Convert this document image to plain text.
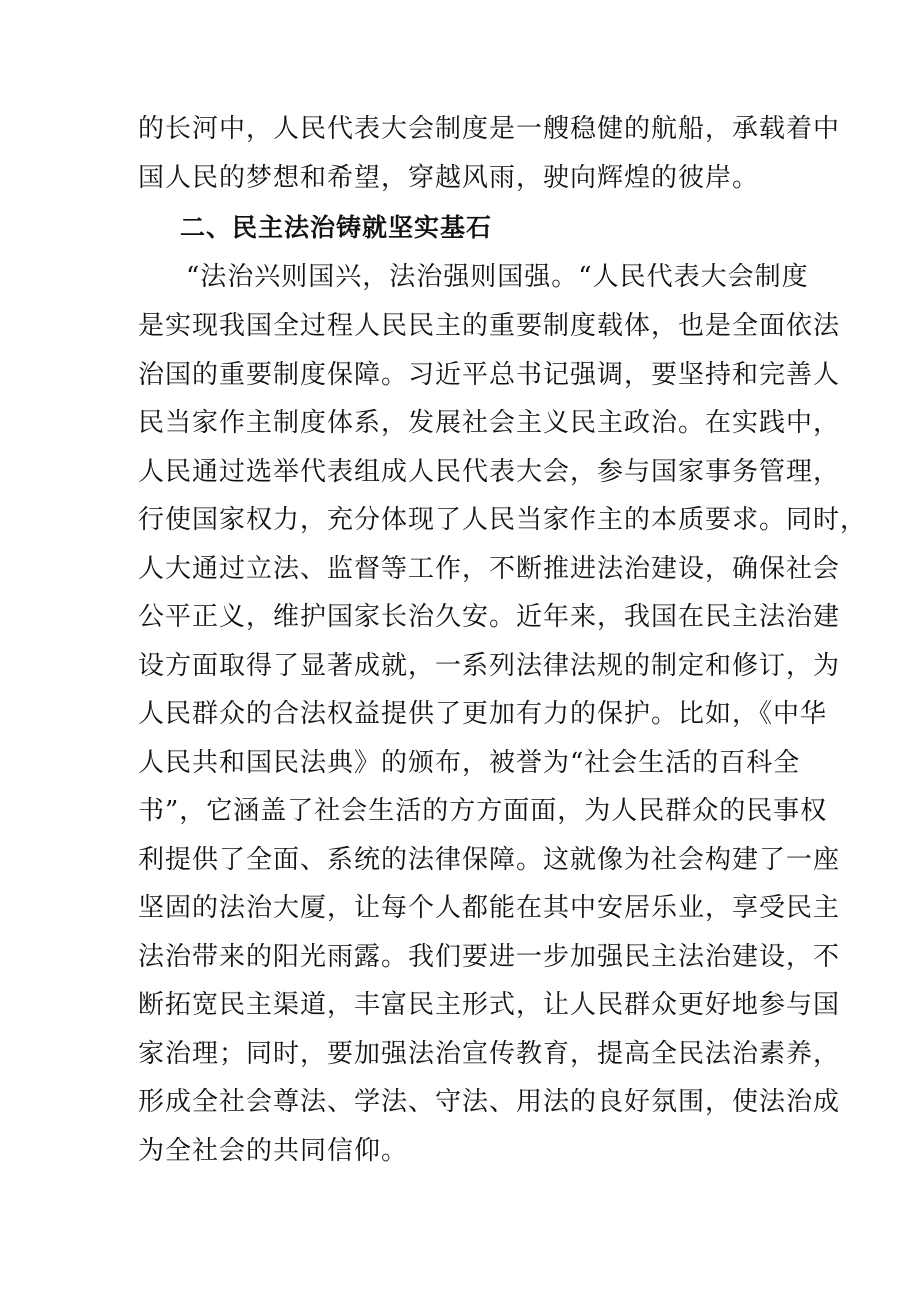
的长河中，人民代表大会制度是一艘稳健的航船，承载着中
国人民的梦想和希望，穿越风雨，驶向辉煌的彼岸。
二、民主法治铸就坚实基石
“法治兴则国兴，法治强则国强。“人民代表大会制度
是实现我国全过程人民民主的重要制度载体，也是全面依法
治国的重要制度保障。习近平总书记强调，要坚持和完善人
民当家作主制度体系，发展社会主义民主政治。在实践中，
人民通过选举代表组成人民代表大会，参与国家事务管理，
行使国家权力，充分体现了人民当家作主的本质要求。同时，
人大通过立法、监督等工作，不断推进法治建设，确保社会
公平正义，维护国家长治久安。近年来，我国在民主法治建
设方面取得了显著成就，一系列法律法规的制定和修订，为
人民群众的合法权益提供了更加有力的保护。比如，《中华
人民共和国民法典》的颁布，被誉为“社会生活的百科全
书”，它涵盖了社会生活的方方面面，为人民群众的民事权
利提供了全面、系统的法律保障。这就像为社会构建了一座
坚固的法治大厦，让每个人都能在其中安居乐业，享受民主
法治带来的阳光雨露。我们要进一步加强民主法治建设，不
断拓宽民主渠道，丰富民主形式，让人民群众更好地参与国
家治理；同时，要加强法治宣传教育，提高全民法治素养，
形成全社会尊法、学法、守法、用法的良好氛围，使法治成
为全社会的共同信仰。
